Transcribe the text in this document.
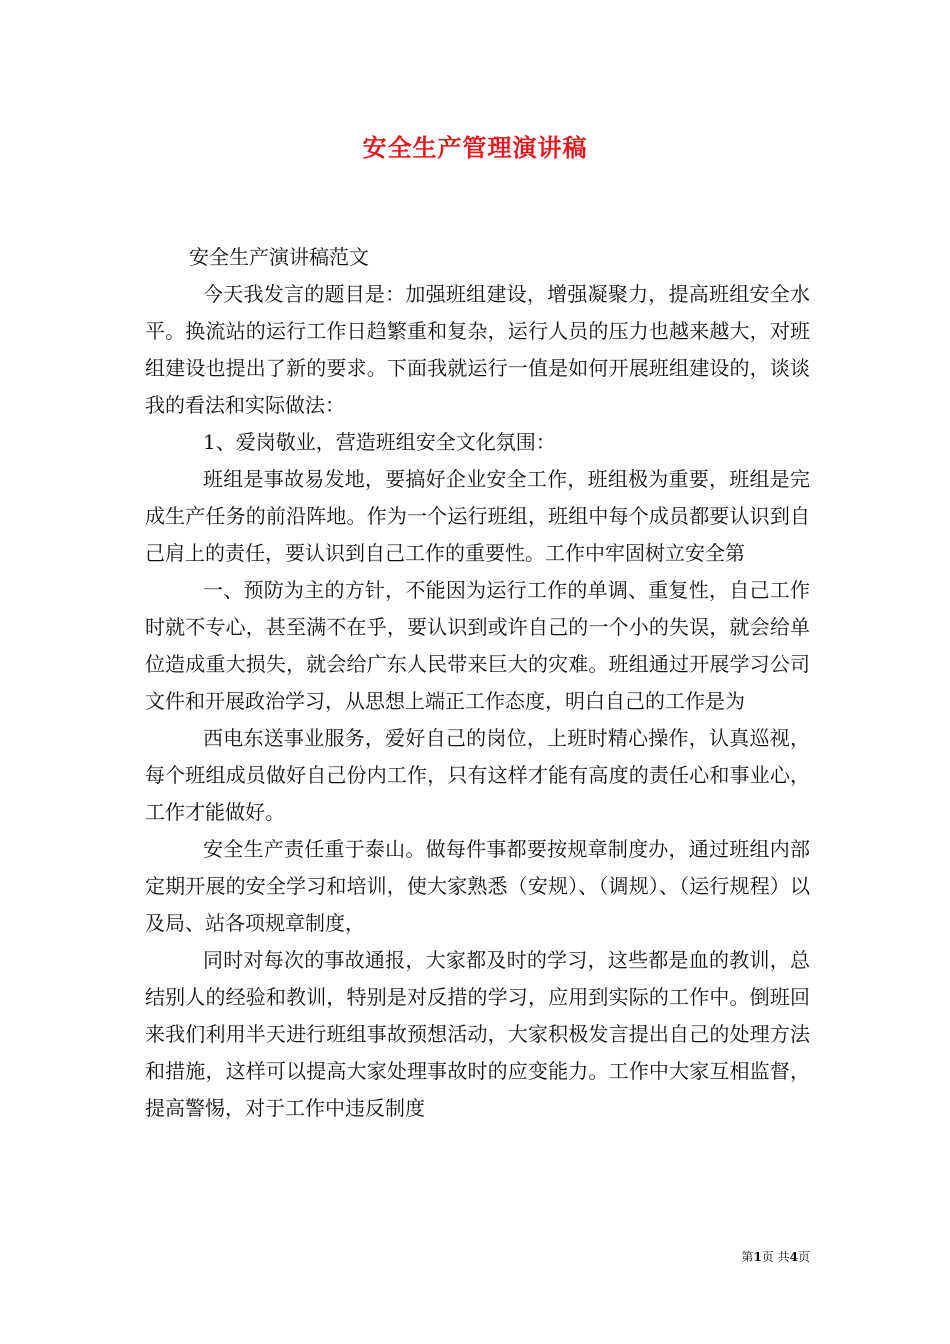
安全生产管理演讲稿

安全生产演讲稿范文

今天我发言的题目是：加强班组建设，增强凝聚力，提高班组安全水平。换流站的运行工作日趋繁重和复杂，运行人员的压力也越来越大，对班组建设也提出了新的要求。下面我就运行一值是如何开展班组建设的，谈谈我的看法和实际做法：

1、爱岗敬业，营造班组安全文化氛围：

班组是事故易发地，要搞好企业安全工作，班组极为重要，班组是完成生产任务的前沿阵地。作为一个运行班组，班组中每个成员都要认识到自己肩上的责任，要认识到自己工作的重要性。工作中牢固树立安全第

一、预防为主的方针，不能因为运行工作的单调、重复性，自己工作时就不专心，甚至满不在乎，要认识到或许自己的一个小的失误，就会给单位造成重大损失，就会给广东人民带来巨大的灾难。班组通过开展学习公司文件和开展政治学习，从思想上端正工作态度，明白自己的工作是为

西电东送事业服务，爱好自己的岗位，上班时精心操作，认真巡视，每个班组成员做好自己份内工作，只有这样才能有高度的责任心和事业心，工作才能做好。

安全生产责任重于泰山。做每件事都要按规章制度办，通过班组内部定期开展的安全学习和培训，使大家熟悉（安规）、（调规）、（运行规程）以及局、站各项规章制度，

同时对每次的事故通报，大家都及时的学习，这些都是血的教训，总结别人的经验和教训，特别是对反措的学习，应用到实际的工作中。倒班回来我们利用半天进行班组事故预想活动，大家积极发言提出自己的处理方法和措施，这样可以提高大家处理事故时的应变能力。工作中大家互相监督，提高警惕，对于工作中违反制度

第1页 共4页
